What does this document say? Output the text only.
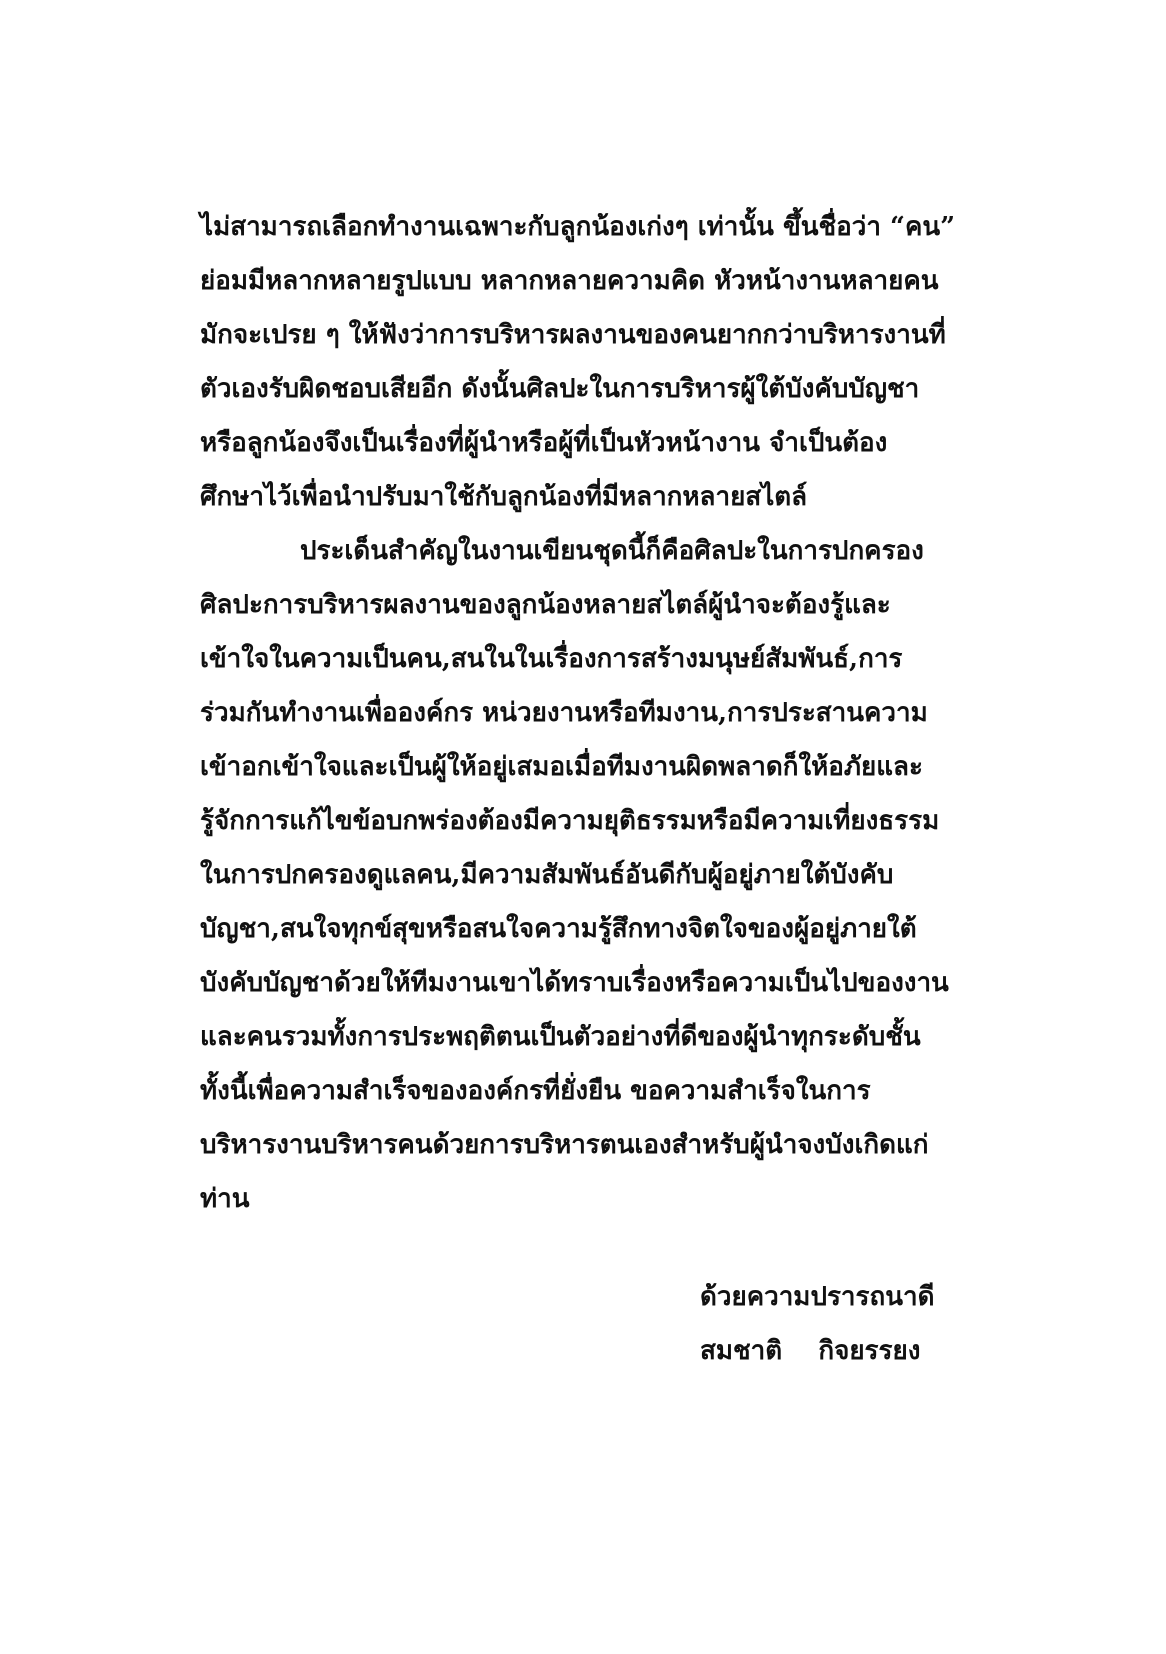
ไม่สามารถเลือกทำงานเฉพาะกับลูกน้องเก่งๆ เท่านั้น ขึ้นชื่อว่า “คน”
ย่อมมีหลากหลายรูปแบบ หลากหลายความคิด หัวหน้างานหลายคน
มักจะเปรย ๆ ให้ฟังว่าการบริหารผลงานของคนยากกว่าบริหารงานที่
ตัวเองรับผิดชอบเสียอีก ดังนั้นศิลปะในการบริหารผู้ใต้บังคับบัญชา
หรือลูกน้องจึงเป็นเรื่องที่ผู้นำหรือผู้ที่เป็นหัวหน้างาน จำเป็นต้อง
ศึกษาไว้เพื่อนำปรับมาใช้กับลูกน้องที่มีหลากหลายสไตล์
ประเด็นสำคัญในงานเขียนชุดนี้ก็คือศิลปะในการปกครอง
ศิลปะการบริหารผลงานของลูกน้องหลายสไตล์ผู้นำจะต้องรู้และ
เข้าใจในความเป็นคน,สนในในเรื่องการสร้างมนุษย์สัมพันธ์,การ
ร่วมกันทำงานเพื่อองค์กร หน่วยงานหรือทีมงาน,การประสานความ
เข้าอกเข้าใจและเป็นผู้ให้อยู่เสมอเมื่อทีมงานผิดพลาดก็ให้อภัยและ
รู้จักการแก้ไขข้อบกพร่องต้องมีความยุติธรรมหรือมีความเที่ยงธรรม
ในการปกครองดูแลคน,มีความสัมพันธ์อันดีกับผู้อยู่ภายใต้บังคับ
บัญชา,สนใจทุกข์สุขหรือสนใจความรู้สึกทางจิตใจของผู้อยู่ภายใต้
บังคับบัญชาด้วยให้ทีมงานเขาได้ทราบเรื่องหรือความเป็นไปของงาน
และคนรวมทั้งการประพฤติตนเป็นตัวอย่างที่ดีของผู้นำทุกระดับชั้น
ทั้งนี้เพื่อความสำเร็จขององค์กรที่ยั่งยืน ขอความสำเร็จในการ
บริหารงานบริหารคนด้วยการบริหารตนเองสำหรับผู้นำจงบังเกิดแก่
ท่าน
ด้วยความปรารถนาดี
สมชาติ    กิจยรรยง
